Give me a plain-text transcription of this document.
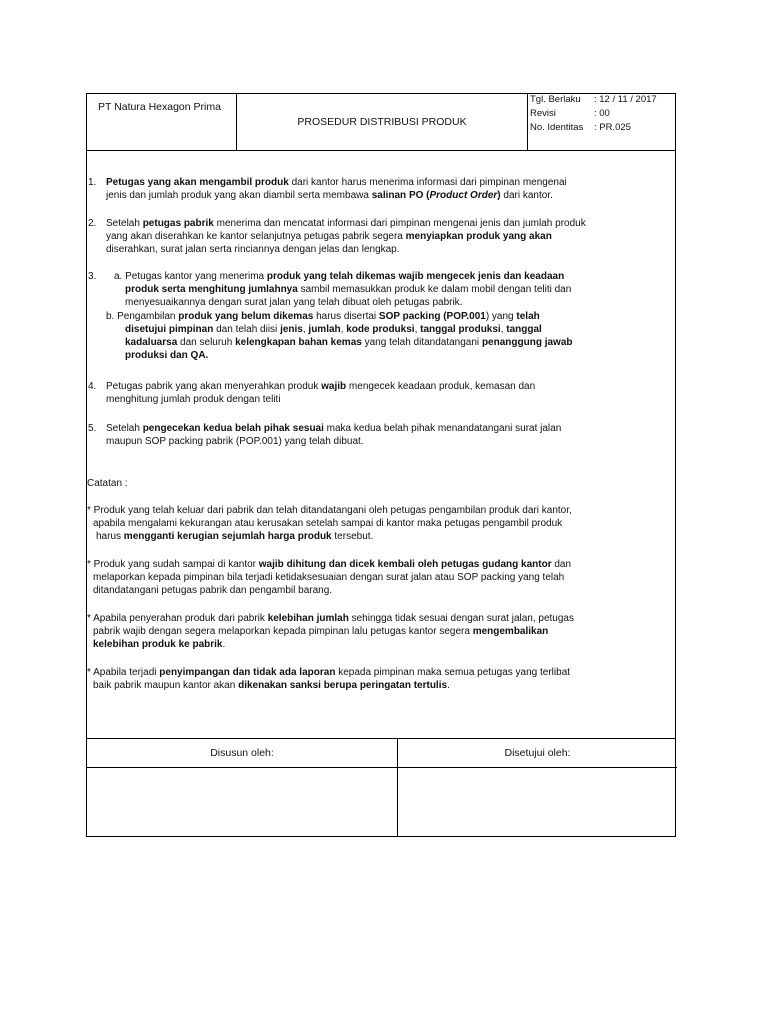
PT Natura Hexagon Prima
PROSEDUR DISTRIBUSI PRODUK
Tgl. Berlaku : 12 / 11 / 2017
Revisi	: 00
No. Identitas : PR.025
1. Petugas yang akan mengambil produk dari kantor harus menerima informasi dari pimpinan mengenai
jenis dan jumlah produk yang akan diambil serta membawa salinan PO (Product Order) dari kantor.
2. Setelah petugas pabrik menerima dan mencatat informasi dari pimpinan mengenai jenis dan jumlah produk
yang akan diserahkan ke kantor selanjutnya petugas pabrik segera menyiapkan produk yang akan
diserahkan, surat jalan serta rinciannya dengan jelas dan lengkap.
3. a. Petugas kantor yang menerima produk yang telah dikemas wajib mengecek jenis dan keadaan
produk serta menghitung jumlahnya sambil memasukkan produk ke dalam mobil dengan teliti dan
menyesuaikannya dengan surat jalan yang telah dibuat oleh petugas pabrik.
b. Pengambilan produk yang belum dikemas harus disertai SOP packing (POP.001) yang telah
disetujui pimpinan dan telah diisi jenis, jumlah, kode produksi, tanggal produksi, tanggal
kadaluarsa dan seluruh kelengkapan bahan kemas yang telah ditandatangani penanggung jawab
produksi dan QA.
4. Petugas pabrik yang akan menyerahkan produk wajib mengecek keadaan produk, kemasan dan
menghitung jumlah produk dengan teliti
5. Setelah pengecekan kedua belah pihak sesuai maka kedua belah pihak menandatangani surat jalan
maupun SOP packing pabrik (POP.001) yang telah dibuat.
Catatan :
* Produk yang telah keluar dari pabrik dan telah ditandatangani oleh petugas pengambilan produk dari kantor,
apabila mengalami kekurangan atau kerusakan setelah sampai di kantor maka petugas pengambil produk
harus mengganti kerugian sejumlah harga produk tersebut.
* Produk yang sudah sampai di kantor wajib dihitung dan dicek kembali oleh petugas gudang kantor dan
melaporkan kepada pimpinan bila terjadi ketidaksesuaian dengan surat jalan atau SOP packing yang telah
ditandatangani petugas pabrik dan pengambil barang.
* Apabila penyerahan produk dari pabrik kelebihan jumlah sehingga tidak sesuai dengan surat jalan, petugas
pabrik wajib dengan segera melaporkan kepada pimpinan lalu petugas kantor segera mengembalikan
kelebihan produk ke pabrik.
* Apabila terjadi penyimpangan dan tidak ada laporan kepada pimpinan maka semua petugas yang terlibat
baik pabrik maupun kantor akan dikenakan sanksi berupa peringatan tertulis.
Disusun oleh:	Disetujui oleh:
